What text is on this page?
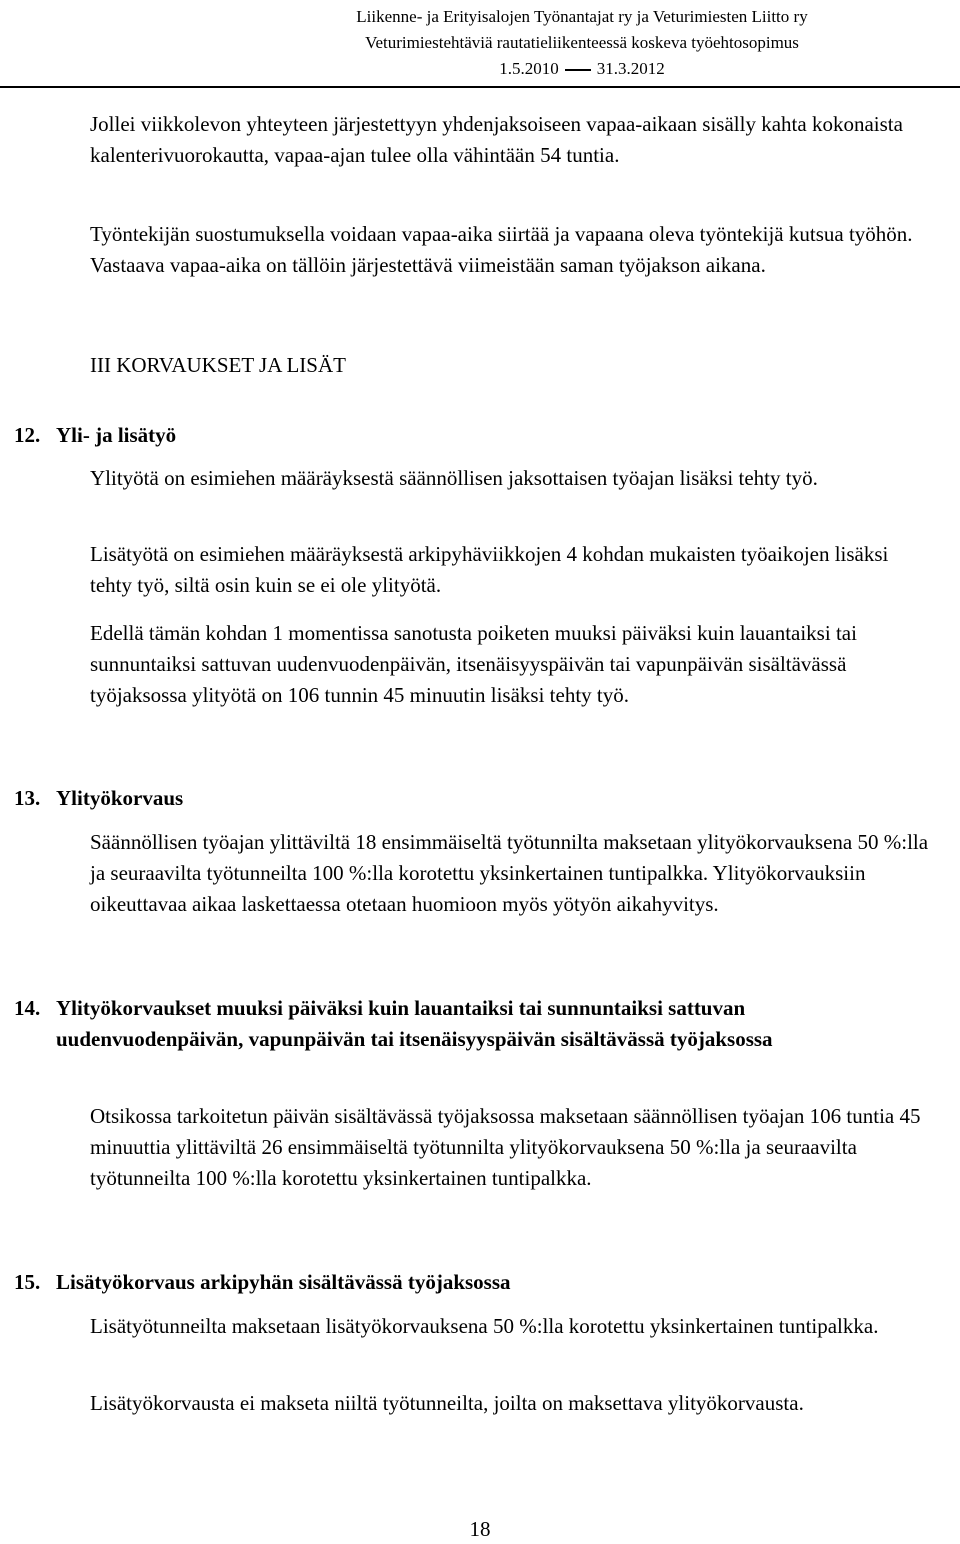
Liikenne- ja Erityisalojen Työnantajat ry ja Veturimiesten Liitto ry
Veturimiestehtäviä rautatieliikenteessä koskeva työehtosopimus
1.5.2010 31.3.2012

Jollei viikkolevon yhteyteen järjestettyyn yhdenjaksoiseen vapaa-aikaan sisälly kahta kokonaista kalenterivuorokautta, vapaa-ajan tulee olla vähintään 54 tuntia.

Työntekijän suostumuksella voidaan vapaa-aika siirtää ja vapaana oleva työntekijä kutsua työhön. Vastaava vapaa-aika on tällöin järjestettävä viimeistään saman työjakson aikana.

III KORVAUKSET JA LISÄT

12. Yli- ja lisätyö

Ylityötä on esimiehen määräyksestä säännöllisen jaksottaisen työajan lisäksi tehty työ.

Lisätyötä on esimiehen määräyksestä arkipyhäviikkojen 4 kohdan mukaisten työaikojen lisäksi tehty työ, siltä osin kuin se ei ole ylityötä.

Edellä tämän kohdan 1 momentissa sanotusta poiketen muuksi päiväksi kuin lauantaiksi tai sunnuntaiksi sattuvan uudenvuodenpäivän, itsenäisyyspäivän tai vapunpäivän sisältävässä työjaksossa ylityötä on 106 tunnin 45 minuutin lisäksi tehty työ.

13. Ylityökorvaus

Säännöllisen työajan ylittäviltä 18 ensimmäiseltä työtunnilta maksetaan ylityökorvauksena 50 %:lla ja seuraavilta työtunneilta 100 %:lla korotettu yksinkertainen tuntipalkka. Ylityökorvauksiin oikeuttavaa aikaa laskettaessa otetaan huomioon myös yötyön aikahyvitys.

14. Ylityökorvaukset muuksi päiväksi kuin lauantaiksi tai sunnuntaiksi sattuvan uudenvuodenpäivän, vapunpäivän tai itsenäisyyspäivän sisältävässä työjaksossa

Otsikossa tarkoitetun päivän sisältävässä työjaksossa maksetaan säännöllisen työajan 106 tuntia 45 minuuttia ylittäviltä 26 ensimmäiseltä työtunnilta ylityökorvauksena 50 %:lla ja seuraavilta työtunneilta 100 %:lla korotettu yksinkertainen tuntipalkka.

15. Lisätyökorvaus arkipyhän sisältävässä työjaksossa

Lisätyötunneilta maksetaan lisätyökorvauksena 50 %:lla korotettu yksinkertainen tuntipalkka.

Lisätyökorvausta ei makseta niiltä työtunneilta, joilta on maksettava ylityökorvausta.

18
